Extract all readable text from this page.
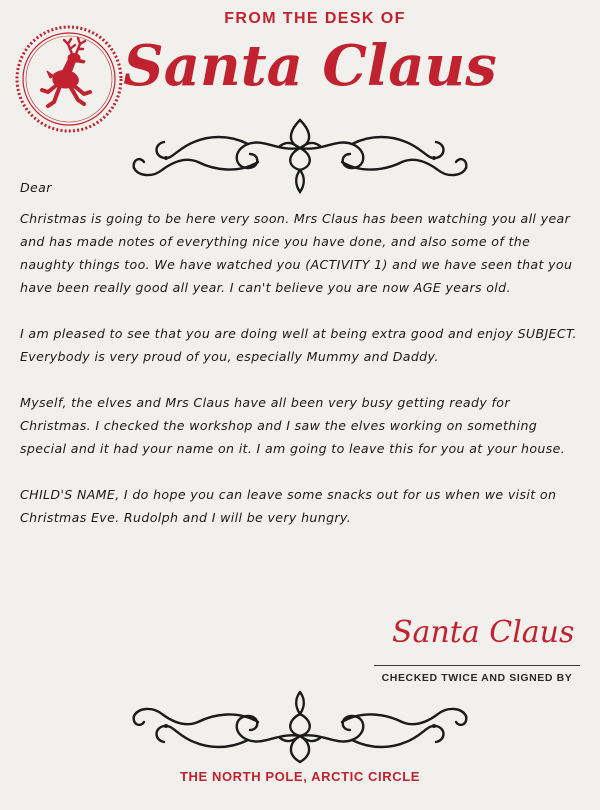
FROM THE DESK OF
Santa Claus

Dear

Christmas is going to be here very soon. Mrs Claus has been watching you all year and has made notes of everything nice you have done, and also some of the naughty things too. We have watched you (ACTIVITY 1) and we have seen that you have been really good all year. I can't believe you are now AGE years old.

I am pleased to see that you are doing well at being extra good and enjoy SUBJECT. Everybody is very proud of you, especially Mummy and Daddy.

Myself, the elves and Mrs Claus have all been very busy getting ready for Christmas. I checked the workshop and I saw the elves working on something special and it had your name on it. I am going to leave this for you at your house.

CHILD'S NAME, I do hope you can leave some snacks out for us when we visit on Christmas Eve. Rudolph and I will be very hungry.

Santa Claus
CHECKED TWICE AND SIGNED BY
THE NORTH POLE, ARCTIC CIRCLE
